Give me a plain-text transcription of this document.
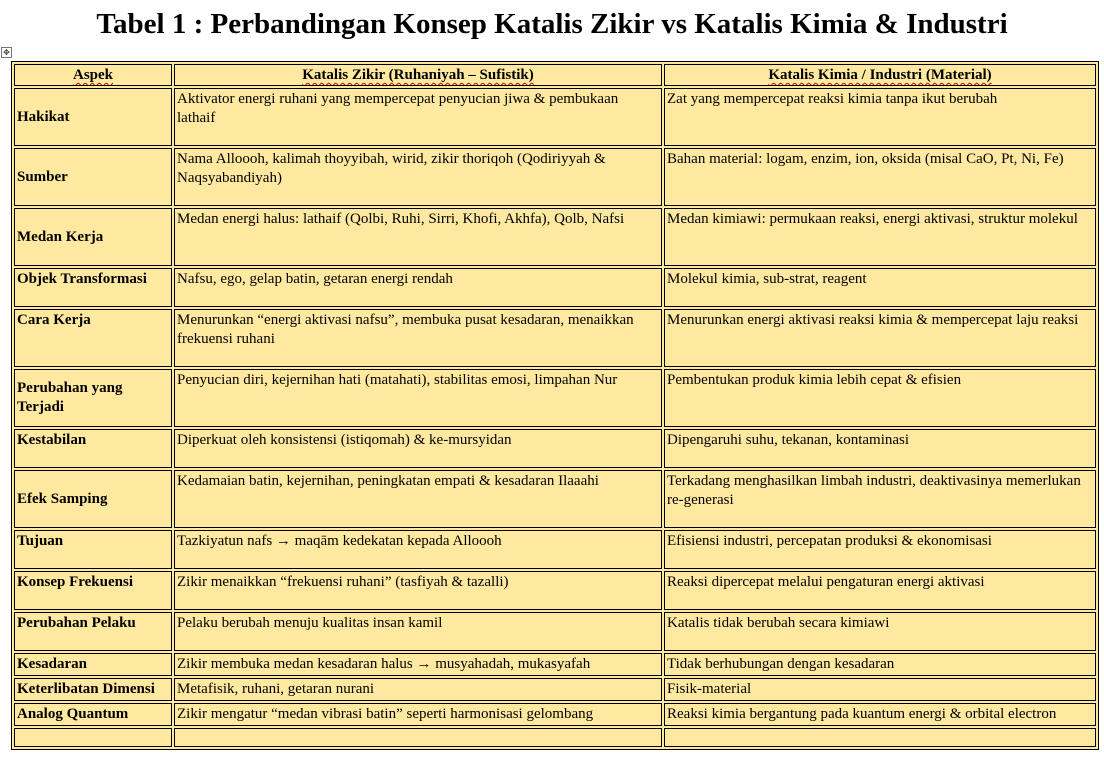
Tabel 1 : Perbandingan Konsep Katalis Zikir vs Katalis Kimia & Industri
✥
Aspek	Katalis Zikir (Ruhaniyah – Sufistik)	Katalis Kimia / Industri (Material)
Hakikat	Aktivator energi ruhani yang mempercepat penyucian jiwa & pembukaan lathaif	Zat yang mempercepat reaksi kimia tanpa ikut berubah
Sumber	Nama Alloooh, kalimah thoyyibah, wirid, zikir thoriqoh (Qodiriyyah & Naqsyabandiyah)	Bahan material: logam, enzim, ion, oksida (misal CaO, Pt, Ni, Fe)
Medan Kerja	Medan energi halus: lathaif (Qolbi, Ruhi, Sirri, Khofi, Akhfa), Qolb, Nafsi	Medan kimiawi: permukaan reaksi, energi aktivasi, struktur molekul
Objek Transformasi	Nafsu, ego, gelap batin, getaran energi rendah	Molekul kimia, sub-strat, reagent
Cara Kerja	Menurunkan “energi aktivasi nafsu”, membuka pusat kesadaran, menaikkan frekuensi ruhani	Menurunkan energi aktivasi reaksi kimia & mempercepat laju reaksi
Perubahan yang Terjadi	Penyucian diri, kejernihan hati (matahati), stabilitas emosi, limpahan Nur	Pembentukan produk kimia lebih cepat & efisien
Kestabilan	Diperkuat oleh konsistensi (istiqomah) & ke-mursyidan	Dipengaruhi suhu, tekanan, kontaminasi
Efek Samping	Kedamaian batin, kejernihan, peningkatan empati & kesadaran Ilaaahi	Terkadang menghasilkan limbah industri, deaktivasinya memerlukan re-generasi
Tujuan	Tazkiyatun nafs → maqām kedekatan kepada Alloooh	Efisiensi industri, percepatan produksi & ekonomisasi
Konsep Frekuensi	Zikir menaikkan “frekuensi ruhani” (tasfiyah & tazalli)	Reaksi dipercepat melalui pengaturan energi aktivasi
Perubahan Pelaku	Pelaku berubah menuju kualitas insan kamil	Katalis tidak berubah secara kimiawi
Kesadaran	Zikir membuka medan kesadaran halus → musyahadah, mukasyafah	Tidak berhubungan dengan kesadaran
Keterlibatan Dimensi	Metafisik, ruhani, getaran nurani	Fisik-material
Analog Quantum	Zikir mengatur “medan vibrasi batin” seperti harmonisasi gelombang	Reaksi kimia bergantung pada kuantum energi & orbital electron
